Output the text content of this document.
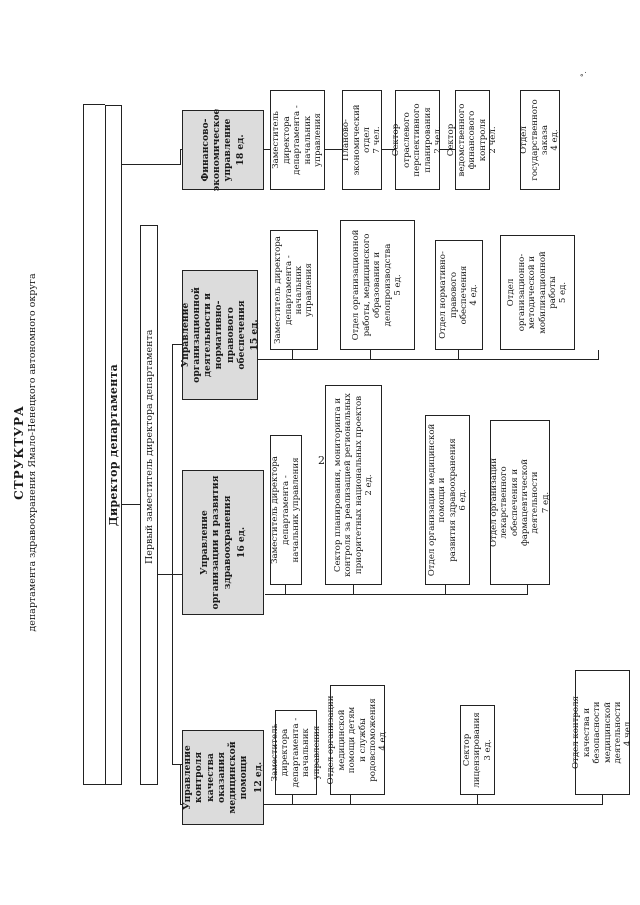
2
СТРУКТУРА департамента здравоохранения Ямало-Ненецкого автономного округа
Управление контроля качества оказания медицинской помощи 12 ед.
Управление организации и развития здравоохранения 16 ед.
Управление организационной деятельности и нормативно- правового обеспечения 15 ед.
Финансово- экономическое управление 18 ед.
Заместитель директора департамента - начальник управления Отдел организации медицинской помощи детям и службы родовспоможения 4 ед.	Сектор лицензирования 3 ед.	Отдел контроля качества и безопасности медицинской деятельности 4 чел.
Заместитель директора департамента - начальник управления	Сектор планирования, мониторинга и контроля за реализацией региональных приоритетных национальных проектов 2 ед.	Отдел организации медицинской помощи и развития здравоохранения 6 ед. Отдел организации лекарственного обеспечения и фармацевтической деятельности 7 ед.
Заместитель директора департамента - начальник управления	Отдел организационной работы, медицинского образования и делопроизводства 5 ед.	Отдел нормативно- правового обеспечения 4 ед.	Отдел организационно- методической и мобилизационной работы 5 ед.
Заместитель директора департамента - начальник управления Планово-экономический отдел 7 чел. Сектор отраслевого перспективного планирования 2 чел. Сектор ведомственного финансового контроля 2 чел. Отдел государственного заказа 4 ед.
Директор департамента	Первый заместитель директора департамента
°.
